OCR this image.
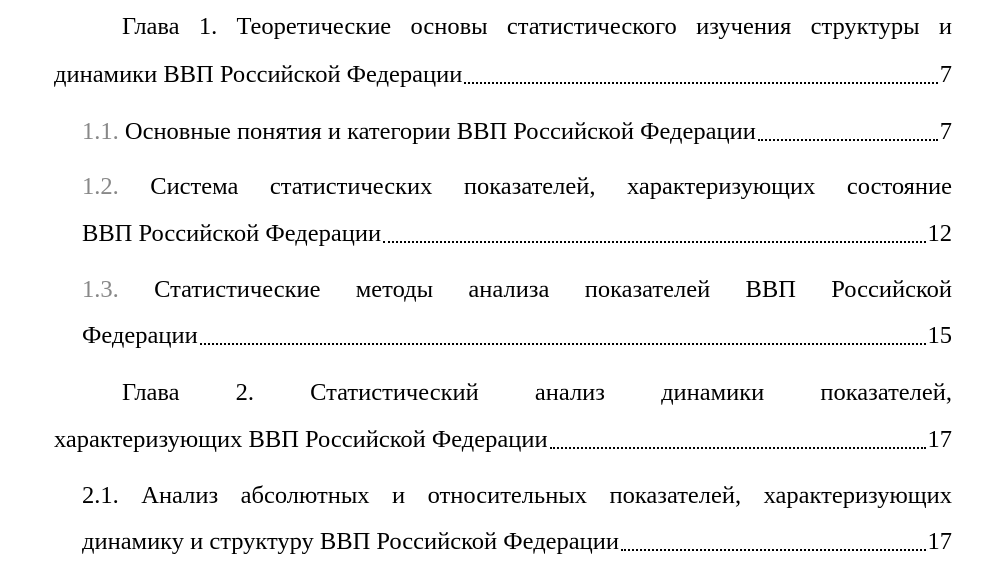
Глава 1. Теоретические основы статистического изучения структуры и
динамики ВВП Российской Федерации	7
1.1. Основные понятия и категории ВВП Российской Федерации	7
1.2. Система статистических показателей, характеризующих состояние
ВВП Российской Федерации	12
1.3. Статистические методы анализа показателей ВВП Российской
Федерации	15
Глава 2. Статистический анализ динамики показателей,
характеризующих ВВП Российской Федерации	17
2.1. Анализ абсолютных и относительных показателей, характеризующих
динамику и структуру ВВП Российской Федерации	17
